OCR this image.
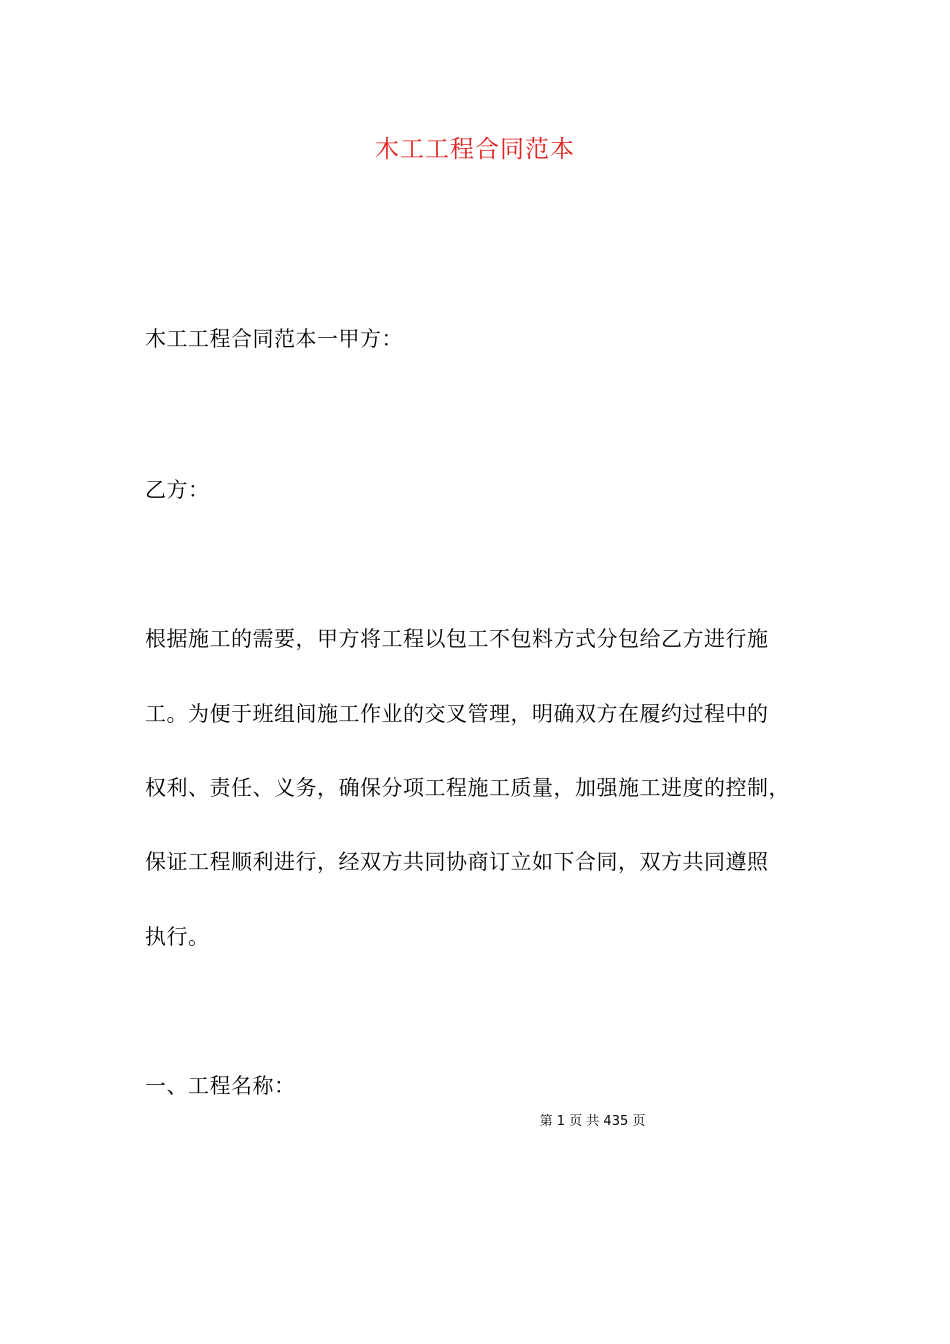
木工工程合同范本
木工工程合同范本一甲方：
乙方：
根据施工的需要，甲方将工程以包工不包料方式分包给乙方进行施
工。为便于班组间施工作业的交叉管理，明确双方在履约过程中的
权利、责任、义务，确保分项工程施工质量，加强施工进度的控制，
保证工程顺利进行，经双方共同协商订立如下合同，双方共同遵照
执行。
一、工程名称：
第 1 页 共 435 页
